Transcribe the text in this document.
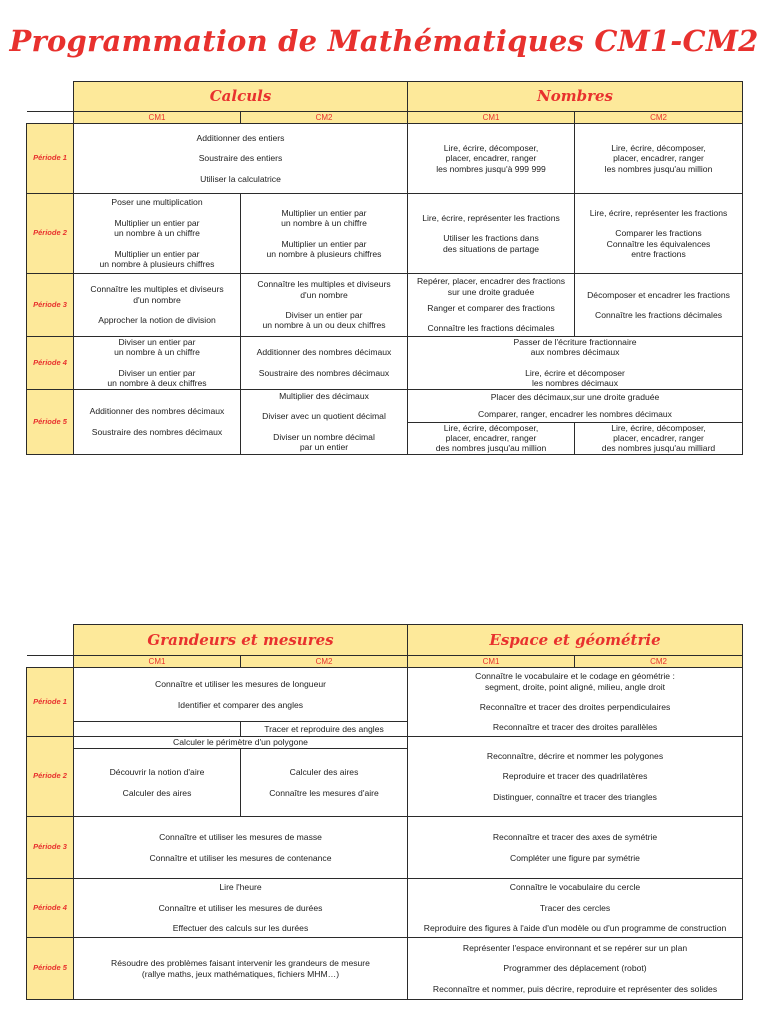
Programmation de Mathématiques CM1-CM2
	Calculs		Nombres	
	CM1	CM2	CM1	CM2
Période 1	Additionner des entiers
Soustraire des entiers
Utiliser la calculatrice		Lire, écrire, décomposer,
placer, encadrer, ranger
les nombres jusqu'à 999 999	Lire, écrire, décomposer,
placer, encadrer, ranger
les nombres jusqu'au million

Période 2	Poser une multiplication
Multiplier un entier par
un nombre à un chiffre
Multiplier un entier par
un nombre à plusieurs chiffres	Multiplier un entier par
un nombre à un chiffre
Multiplier un entier par
un nombre à plusieurs chiffres	Lire, écrire, représenter les fractions
Utiliser les fractions dans
des situations de partage	Lire, écrire, représenter les fractions
Comparer les fractions
Connaître les équivalences
entre fractions

Période 3	Connaître les multiples et diviseurs
d'un nombre
Approcher la notion de division	Connaître les multiples et diviseurs
d'un nombre
Diviser un entier par
un nombre à un ou deux chiffres	Repérer, placer, encadrer des fractions
sur une droite graduée
Ranger et comparer des fractions
Connaître les fractions décimales	Décomposer et encadrer les fractions
Connaître les fractions décimales

Période 4	Diviser un entier par
un nombre à un chiffre
Diviser un entier par
un nombre à deux chiffres	Additionner des nombres décimaux
Soustraire des nombres décimaux	Passer de l'écriture fractionnaire
aux nombres décimaux
Lire, écrire et décomposer
les nombres décimaux	

Période 5	Additionner des nombres décimaux
Soustraire des nombres décimaux	Multiplier des décimaux
Diviser avec un quotient décimal
Diviser un nombre décimal
par un entier	Placer des décimaux,sur une droite graduée
Comparer, ranger, encadrer les nombres décimaux	

			Lire, écrire, décomposer,
placer, encadrer, ranger
des nombres jusqu'au million	Lire, écrire, décomposer,
placer, encadrer, ranger
des nombres jusqu'au milliard
	Grandeurs et mesures		Espace et géométrie	
	CM1	CM2	CM1	CM2
Période 1	Connaître et utiliser les mesures de longueur
Identifier et comparer des angles		Connaître le vocabulaire et le codage en géométrie :
segment, droite, point aligné, milieu, angle droit
Reconnaître et tracer des droites perpendiculaires
Reconnaître et tracer des droites parallèles	

		Tracer et reproduire des angles		

Période 2	Calculer le périmètre d'un polygone		Reconnaître, décrire et nommer les polygones
Reproduire et tracer des quadrilatères
Distinguer, connaître et tracer des triangles	

	Découvrir la notion d'aire
Calculer des aires	Calculer des aires
Connaître les mesures d'aire		

Période 3	Connaître et utiliser les mesures de masse
Connaître et utiliser les mesures de contenance		Reconnaître et tracer des axes de symétrie
Compléter une figure par symétrie	

Période 4	Lire l'heure
Connaître et utiliser les mesures de durées
Effectuer des calculs sur les durées		Connaître le vocabulaire du cercle
Tracer des cercles
Reproduire des figures à l'aide d'un modèle ou d'un programme de construction	

Période 5	Résoudre des problèmes faisant intervenir les grandeurs de mesure
(rallye maths, jeux mathématiques, fichiers MHM…)		Représenter l'espace environnant et se repérer sur un plan
Programmer des déplacement (robot)
Reconnaître et nommer, puis décrire, reproduire et représenter des solides	
